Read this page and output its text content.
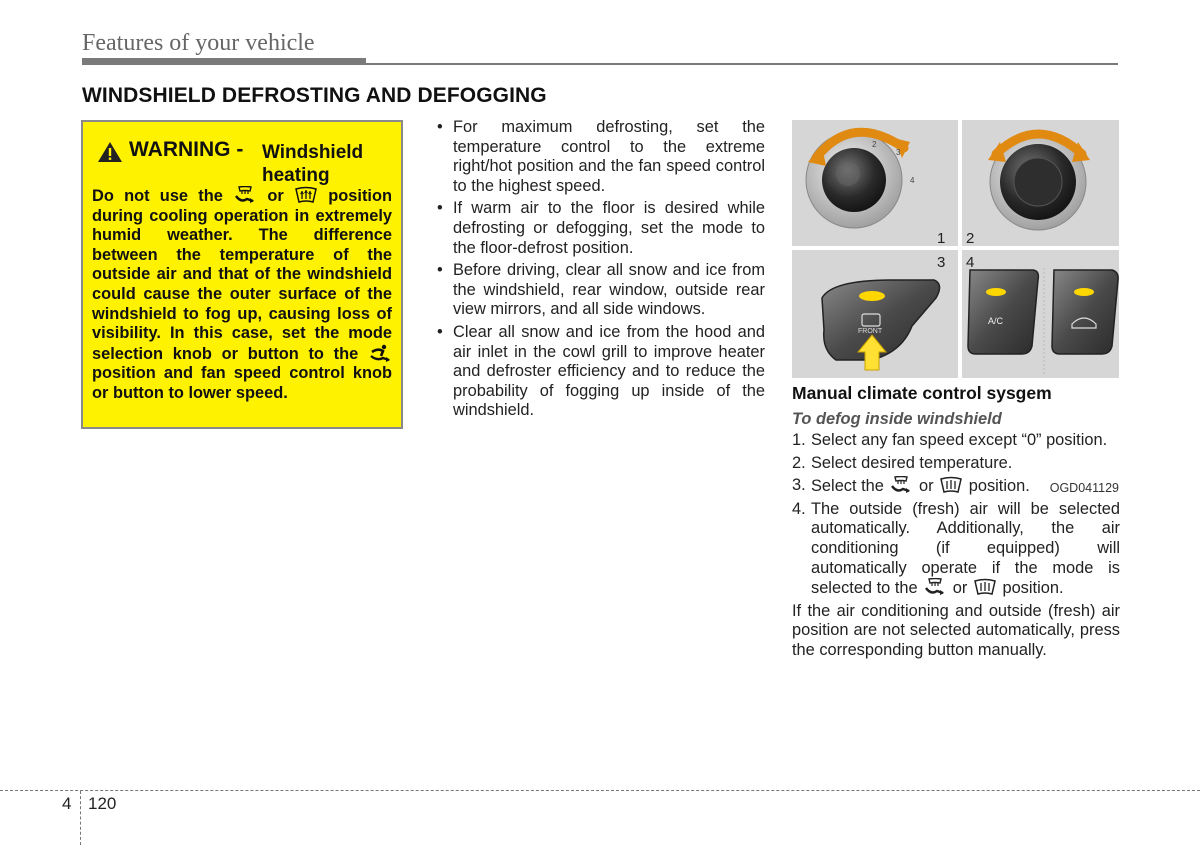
Features of your vehicle
WINDSHIELD DEFROSTING AND DEFOGGING
WARNING - Windshield heating

Do not use the	or	position during cooling operation in extremely humid weather. The difference between the temperature of the outside air and that of the windshield could cause the outer surface of the windshield to fog up, causing loss of visibility. In this case, set the mode selection knob or button to the  position and fan speed control knob or button to lower speed.

• For maximum defrosting, set the temperature control to the extreme right/hot position and the fan speed control to the highest speed.
• If warm air to the floor is desired while defrosting or defogging, set the mode to the floor-defrost position.
• Before driving, clear all snow and ice from the windshield, rear window, outside rear view mirrors, and all side windows.
• Clear all snow and ice from the hood and air inlet in the cowl grill to improve heater and defroster efficiency and to reduce the probability of fogging up inside of the windshield.
1 2
3 4
0
1
2
3
4
FRONT
A/C
OGD041129
Manual climate control sysgem
To defog inside windshield
1. Select any fan speed except “0” position.
2. Select desired temperature.
3. Select the or position.
4. The outside (fresh) air will be selected automatically. Additionally, the air conditioning (if equipped) will automatically operate if the mode is selected to the or position.

If the air conditioning and outside (fresh) air position are not selected automatically, press the corresponding button manually.

4 120
